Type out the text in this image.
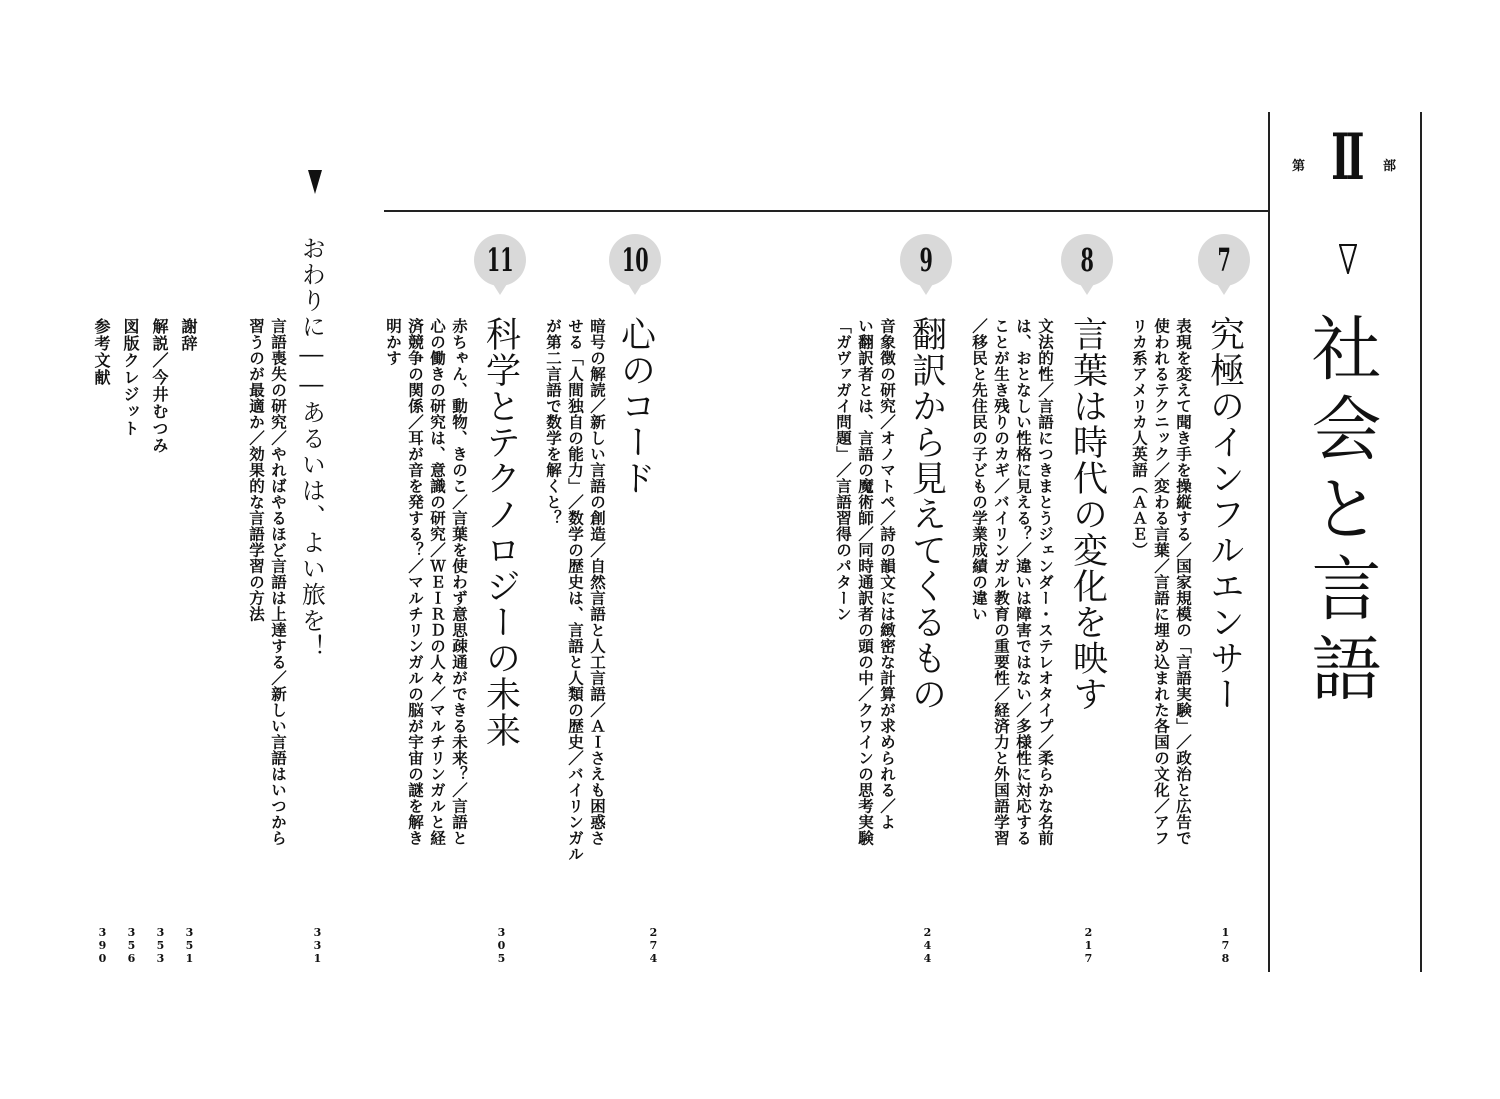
第 II 部
社会と言語
7
究極のインフルエンサー
表現を変えて聞き手を操縦する／国家規模の「言語実験」／政治と広告で
使われるテクニック／変わる言葉／言語に埋め込まれた各国の文化／アフ
リカ系アメリカ人英語（ＡＡＥ）
178
8
言葉は時代の変化を映す
文法的性／言語につきまとうジェンダー・ステレオタイプ／柔らかな名前
は、おとなしい性格に見える？／違いは障害ではない／多様性に対応する
ことが生き残りのカギ／バイリンガル教育の重要性／経済力と外国語学習
／移民と先住民の子どもの学業成績の違い
217
9
翻訳から見えてくるもの
音象徴の研究／オノマトペ／詩の韻文には緻密な計算が求められる／よ
い翻訳者とは、言語の魔術師／同時通訳者の頭の中／クワインの思考実験
「ガヴァガイ問題」／言語習得のパターン
244
10
心のコード
暗号の解読／新しい言語の創造／自然言語と人工言語／ＡＩさえも困惑さ
せる「人間独自の能力」／数学の歴史は、言語と人類の歴史／バイリンガル
が第二言語で数学を解くと？
274
11
科学とテクノロジーの未来
赤ちゃん、動物、きのこ／言葉を使わず意思疎通ができる未来？／言語と
心の働きの研究は、意識の研究／ＷＥＩＲＤの人々／マルチリンガルと経
済競争の関係／耳が音を発する？／マルチリンガルの脳が宇宙の謎を解き
明かす
305
おわりに――あるいは、よい旅を！
言語喪失の研究／やればやるほど言語は上達する／新しい言語はいつから
習うのが最適か／効果的な言語学習の方法
331
謝辞
解説／今井むつみ
図版クレジット
参考文献
351
353
356
390
